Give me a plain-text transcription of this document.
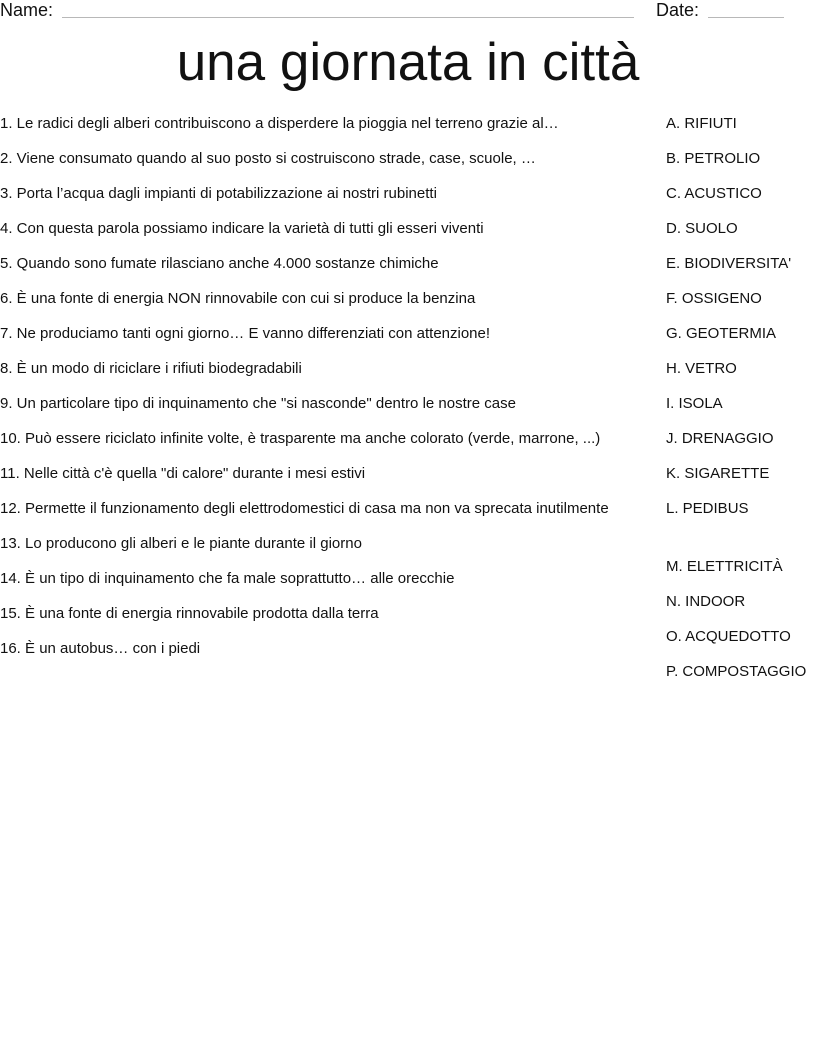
Name:	Date:
una giornata in città
1. Le radici degli alberi contribuiscono a disperdere la pioggia nel terreno grazie al…
2. Viene consumato quando al suo posto si costruiscono strade, case, scuole, …
3. Porta l’acqua dagli impianti di potabilizzazione ai nostri rubinetti
4. Con questa parola possiamo indicare la varietà di tutti gli esseri viventi
5. Quando sono fumate rilasciano anche 4.000 sostanze chimiche
6. È una fonte di energia NON rinnovabile con cui si produce la benzina
7. Ne produciamo tanti ogni giorno… E vanno differenziati con attenzione!
8. È un modo di riciclare i rifiuti biodegradabili
9. Un particolare tipo di inquinamento che "si nasconde" dentro le nostre case
10. Può essere riciclato infinite volte, è trasparente ma anche colorato (verde, marrone, ...)
11. Nelle città c'è quella "di calore" durante i mesi estivi
12. Permette il funzionamento degli elettrodomestici di casa ma non va sprecata inutilmente
13. Lo producono gli alberi e le piante durante il giorno
14. È un tipo di inquinamento che fa male soprattutto… alle orecchie
15. È una fonte di energia rinnovabile prodotta dalla terra
16. È un autobus… con i piedi
A. RIFIUTI
B. PETROLIO
C. ACUSTICO
D. SUOLO
E. BIODIVERSITA'
F. OSSIGENO
G. GEOTERMIA
H. VETRO
I. ISOLA
J. DRENAGGIO
K. SIGARETTE
L. PEDIBUS
M. ELETTRICITÀ
N. INDOOR
O. ACQUEDOTTO
P. COMPOSTAGGIO
